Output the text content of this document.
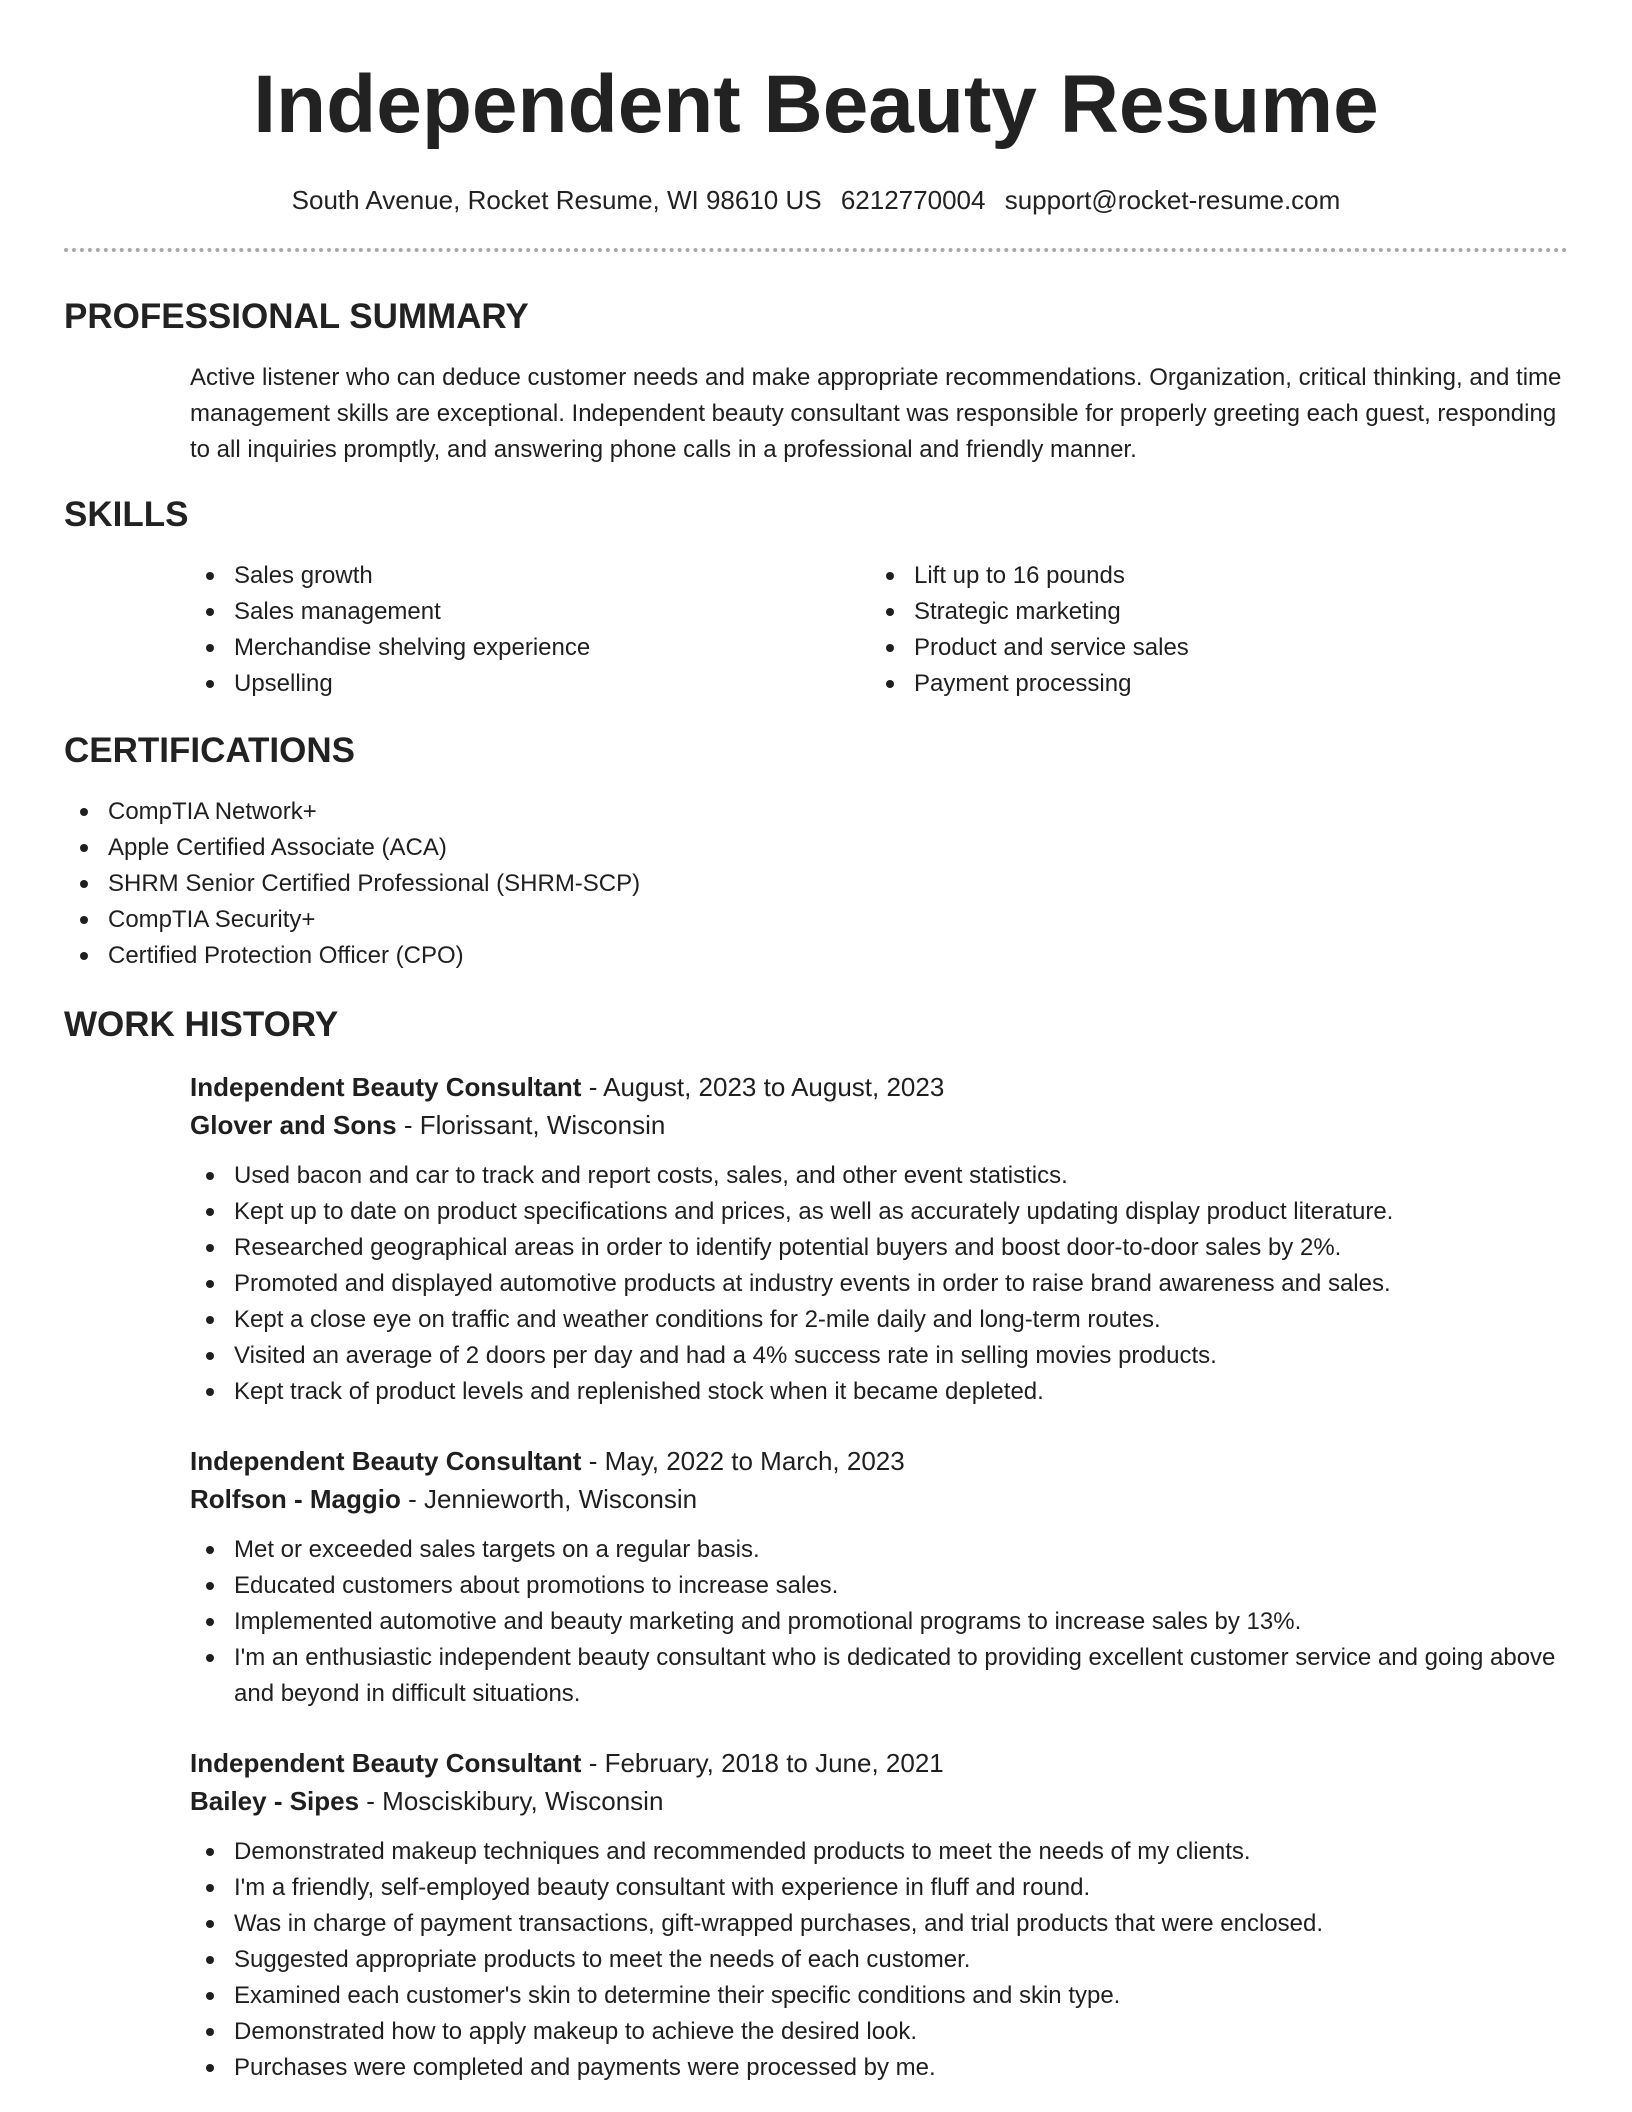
Independent Beauty Resume
South Avenue, Rocket Resume, WI 98610 US 6212770004 support@rocket-resume.com
PROFESSIONAL SUMMARY

Active listener who can deduce customer needs and make appropriate recommendations. Organization, critical thinking, and time management skills are exceptional. Independent beauty consultant was responsible for properly greeting each guest, responding to all inquiries promptly, and answering phone calls in a professional and friendly manner.

SKILLS
Sales growth
Sales management
Merchandise shelving experience
Upselling
Lift up to 16 pounds
Strategic marketing
Product and service sales
Payment processing
CERTIFICATIONS
CompTIA Network+
Apple Certified Associate (ACA)
SHRM Senior Certified Professional (SHRM-SCP)
CompTIA Security+
Certified Protection Officer (CPO)
WORK HISTORY
Independent Beauty Consultant - August, 2023 to August, 2023
Glover and Sons - Florissant, Wisconsin
Used bacon and car to track and report costs, sales, and other event statistics.
Kept up to date on product specifications and prices, as well as accurately updating display product literature.
Researched geographical areas in order to identify potential buyers and boost door-to-door sales by 2%.
Promoted and displayed automotive products at industry events in order to raise brand awareness and sales.
Kept a close eye on traffic and weather conditions for 2-mile daily and long-term routes.
Visited an average of 2 doors per day and had a 4% success rate in selling movies products.
Kept track of product levels and replenished stock when it became depleted.
Independent Beauty Consultant - May, 2022 to March, 2023
Rolfson - Maggio - Jennieworth, Wisconsin
Met or exceeded sales targets on a regular basis.
Educated customers about promotions to increase sales.
Implemented automotive and beauty marketing and promotional programs to increase sales by 13%.
I'm an enthusiastic independent beauty consultant who is dedicated to providing excellent customer service and going above and beyond in difficult situations.
Independent Beauty Consultant - February, 2018 to June, 2021
Bailey - Sipes - Mosciskibury, Wisconsin
Demonstrated makeup techniques and recommended products to meet the needs of my clients.
I'm a friendly, self-employed beauty consultant with experience in fluff and round.
Was in charge of payment transactions, gift-wrapped purchases, and trial products that were enclosed.
Suggested appropriate products to meet the needs of each customer.
Examined each customer's skin to determine their specific conditions and skin type.
Demonstrated how to apply makeup to achieve the desired look.
Purchases were completed and payments were processed by me.
